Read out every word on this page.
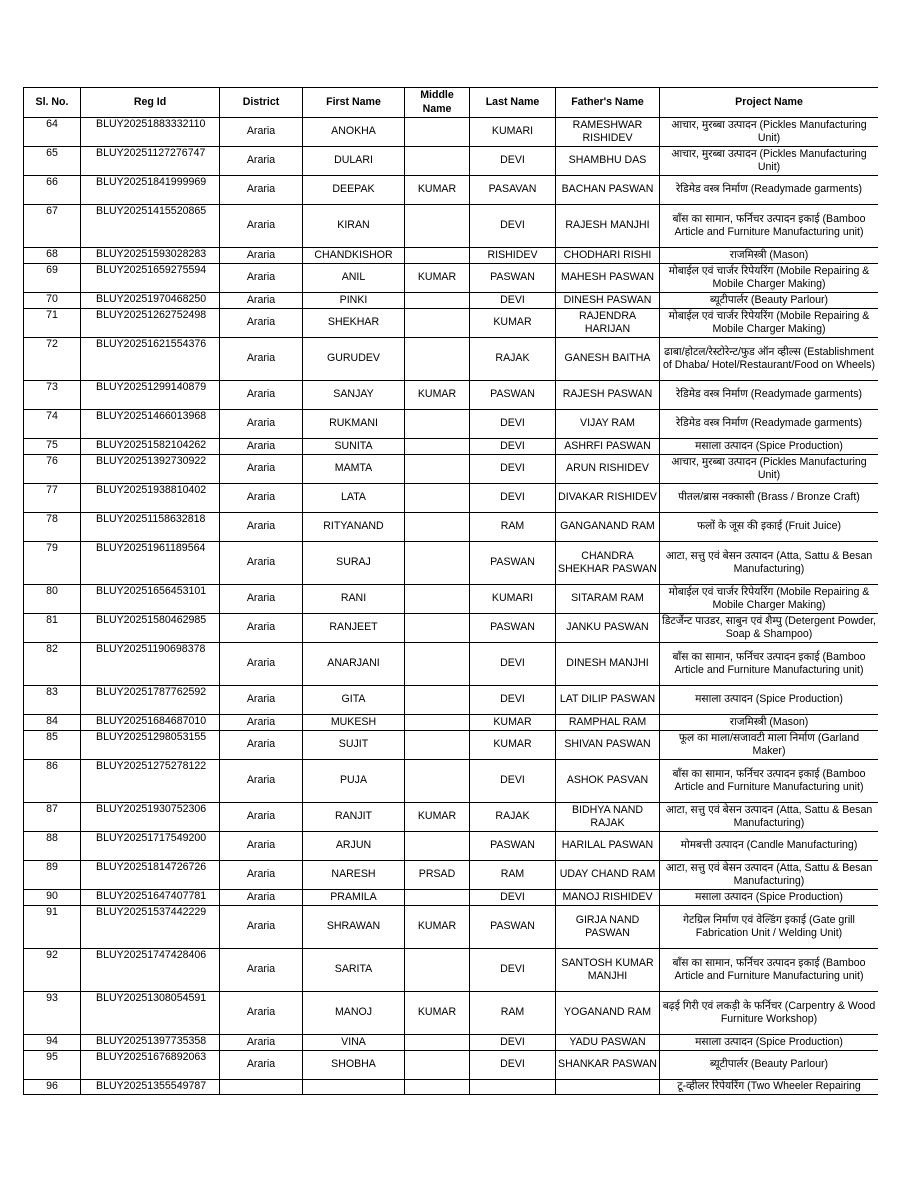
Sl. No.	Reg Id	District	First Name	Middle Name	Last Name	Father's Name	Project Name
64	BLUY20251883332110	Araria	ANOKHA		KUMARI	RAMESHWAR RISHIDEV	आचार, मुरब्बा उत्पादन (Pickles Manufacturing Unit)
65	BLUY20251127276747	Araria	DULARI		DEVI	SHAMBHU DAS	आचार, मुरब्बा उत्पादन (Pickles Manufacturing Unit)
66	BLUY20251841999969	Araria	DEEPAK	KUMAR	PASAVAN	BACHAN PASWAN	रेडिमेड वस्त्र निर्माण (Readymade garments)
67	BLUY20251415520865	Araria	KIRAN		DEVI	RAJESH MANJHI	बाँस का सामान, फर्निचर उत्पादन इकाई (Bamboo Article and Furniture Manufacturing unit)
68	BLUY20251593028283	Araria	CHANDKISHOR		RISHIDEV	CHODHARI RISHI	राजमिस्त्री (Mason)
69	BLUY20251659275594	Araria	ANIL	KUMAR	PASWAN	MAHESH PASWAN	मोबाईल एवं चार्जर रिपेयरिंग (Mobile Repairing & Mobile Charger Making)
70	BLUY20251970468250	Araria	PINKI		DEVI	DINESH PASWAN	ब्यूटीपार्लर (Beauty Parlour)
71	BLUY20251262752498	Araria	SHEKHAR		KUMAR	RAJENDRA HARIJAN	मोबाईल एवं चार्जर रिपेयरिंग (Mobile Repairing & Mobile Charger Making)
72	BLUY20251621554376	Araria	GURUDEV		RAJAK	GANESH BAITHA	ढाबा/होटल/रेस्टोरेन्ट/फुड ऑन व्हील्स (Establishment of Dhaba/ Hotel/Restaurant/Food on Wheels)
73	BLUY20251299140879	Araria	SANJAY	KUMAR	PASWAN	RAJESH PASWAN	रेडिमेड वस्त्र निर्माण (Readymade garments)
74	BLUY20251466013968	Araria	RUKMANI		DEVI	VIJAY RAM	रेडिमेड वस्त्र निर्माण (Readymade garments)
75	BLUY20251582104262	Araria	SUNITA		DEVI	ASHRFI PASWAN	मसाला उत्पादन (Spice Production)
76	BLUY20251392730922	Araria	MAMTA		DEVI	ARUN RISHIDEV	आचार, मुरब्बा उत्पादन (Pickles Manufacturing Unit)
77	BLUY20251938810402	Araria	LATA		DEVI	DIVAKAR RISHIDEV	पीतल/ब्रास नक्कासी (Brass / Bronze Craft)
78	BLUY20251158632818	Araria	RITYANAND		RAM	GANGANAND RAM	फलों के जूस की इकाई (Fruit Juice)
79	BLUY20251961189564	Araria	SURAJ		PASWAN	CHANDRA SHEKHAR PASWAN	आटा, सत्तु एवं बेसन उत्पादन (Atta, Sattu & Besan Manufacturing)
80	BLUY20251656453101	Araria	RANI		KUMARI	SITARAM RAM	मोबाईल एवं चार्जर रिपेयरिंग (Mobile Repairing & Mobile Charger Making)
81	BLUY20251580462985	Araria	RANJEET		PASWAN	JANKU PASWAN	डिटर्जेन्ट पाउडर, साबुन एवं शैम्पु (Detergent Powder, Soap & Shampoo)
82	BLUY20251190698378	Araria	ANARJANI		DEVI	DINESH MANJHI	बाँस का सामान, फर्निचर उत्पादन इकाई (Bamboo Article and Furniture Manufacturing unit)
83	BLUY20251787762592	Araria	GITA		DEVI	LAT DILIP PASWAN	मसाला उत्पादन (Spice Production)
84	BLUY20251684687010	Araria	MUKESH		KUMAR	RAMPHAL RAM	राजमिस्त्री (Mason)
85	BLUY20251298053155	Araria	SUJIT		KUMAR	SHIVAN PASWAN	फूल का माला/सजावटी माला निर्माण (Garland Maker)
86	BLUY20251275278122	Araria	PUJA		DEVI	ASHOK PASVAN	बाँस का सामान, फर्निचर उत्पादन इकाई (Bamboo Article and Furniture Manufacturing unit)
87	BLUY20251930752306	Araria	RANJIT	KUMAR	RAJAK	BIDHYA NAND RAJAK	आटा, सत्तु एवं बेसन उत्पादन (Atta, Sattu & Besan Manufacturing)
88	BLUY20251717549200	Araria	ARJUN		PASWAN	HARILAL PASWAN	मोमबत्ती उत्पादन (Candle Manufacturing)
89	BLUY20251814726726	Araria	NARESH	PRSAD	RAM	UDAY CHAND RAM	आटा, सत्तु एवं बेसन उत्पादन (Atta, Sattu & Besan Manufacturing)
90	BLUY20251647407781	Araria	PRAMILA		DEVI	MANOJ RISHIDEV	मसाला उत्पादन (Spice Production)
91	BLUY20251537442229	Araria	SHRAWAN	KUMAR	PASWAN	GIRJA NAND PASWAN	गेटग्रिल निर्माण एवं वेल्डिंग इकाई (Gate grill Fabrication Unit / Welding Unit)
92	BLUY20251747428406	Araria	SARITA		DEVI	SANTOSH KUMAR MANJHI	बाँस का सामान, फर्निचर उत्पादन इकाई (Bamboo Article and Furniture Manufacturing unit)
93	BLUY20251308054591	Araria	MANOJ	KUMAR	RAM	YOGANAND RAM	बढ़ई गिरी एवं लकड़ी के फर्निचर (Carpentry & Wood Furniture Workshop)
94	BLUY20251397735358	Araria	VINA		DEVI	YADU PASWAN	मसाला उत्पादन (Spice Production)
95	BLUY20251676892063	Araria	SHOBHA		DEVI	SHANKAR PASWAN	ब्यूटीपार्लर (Beauty Parlour)
96	BLUY20251355549787						टू-व्हीलर रिपेयरिंग (Two Wheeler Repairing
